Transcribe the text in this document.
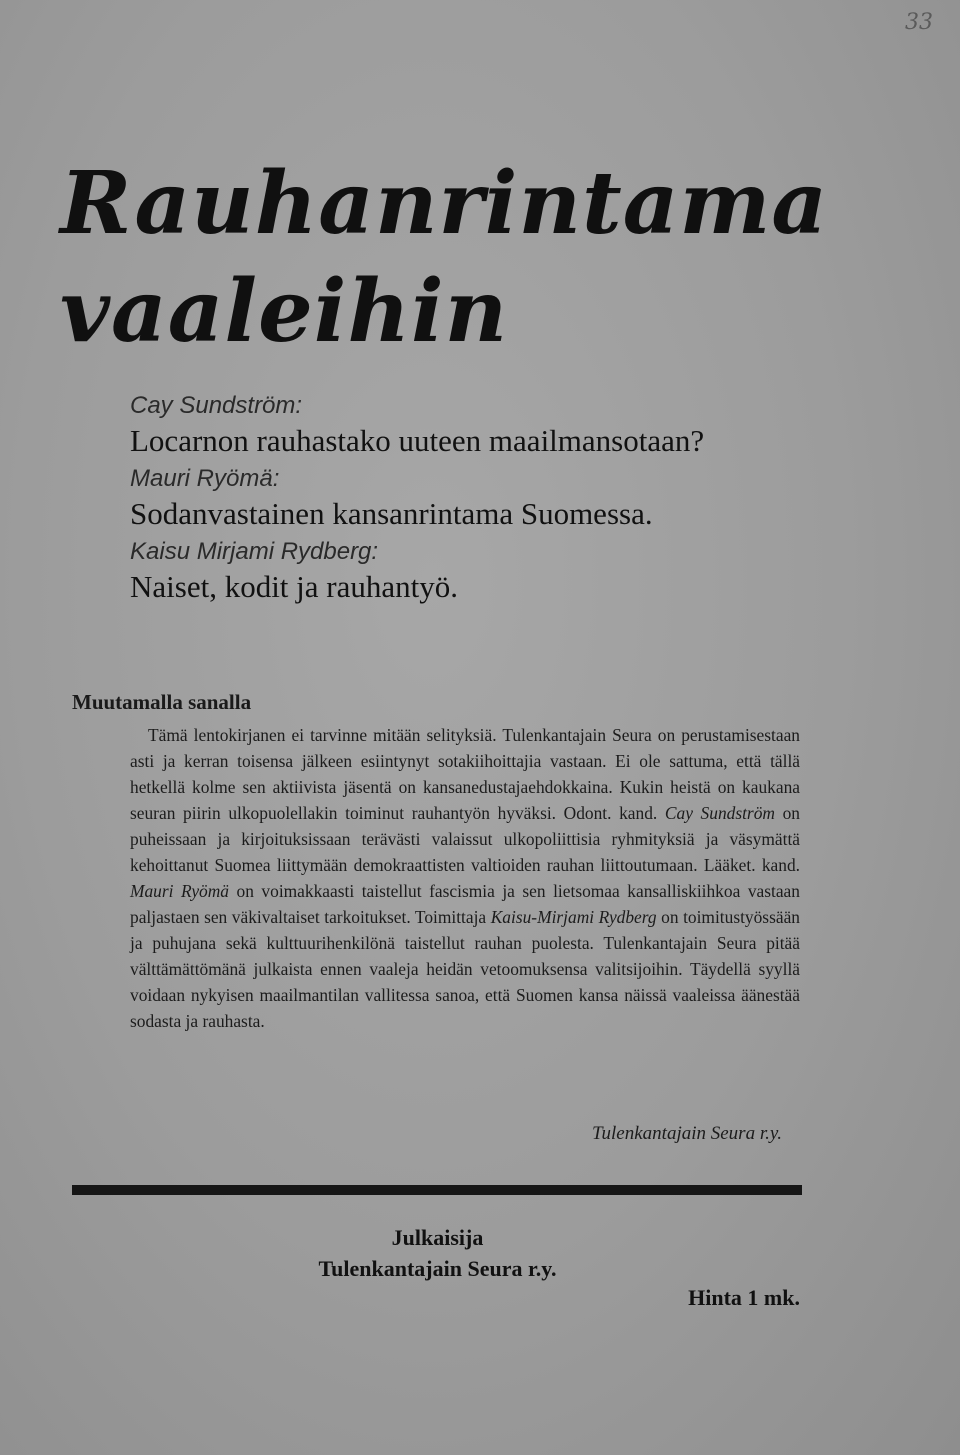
33
Rauhanrintama
vaaleihin

Cay Sundström:
Locarnon rauhastako uuteen maailmansotaan?

Mauri Ryömä:
Sodanvastainen kansanrintama Suomessa.

Kaisu Mirjami Rydberg:
Naiset, kodit ja rauhantyö.

Muutamalla sanalla

Tämä lentokirjanen ei tarvinne mitään selityksiä. Tulenkantajain Seura on perustamisestaan asti ja kerran toisensa jälkeen esiintynyt sotakiihoittajia vastaan. Ei ole sattuma, että tällä hetkellä kolme sen aktiivista jäsentä on kansanedustajaehdokkaina. Kukin heistä on kaukana seuran piirin ulkopuolellakin toiminut rauhantyön hyväksi. Odont. kand. Cay Sundström on puheissaan ja kirjoituksissaan terävästi valaissut ulkopoliittisia ryhmityksiä ja väsymättä kehoittanut Suomea liittymään demokraattisten valtioiden rauhan liittoutumaan. Lääket. kand. Mauri Ryömä on voimakkaasti taistellut fascismia ja sen lietsomaa kansalliskiihkoa vastaan paljastaen sen väkivaltaiset tarkoitukset. Toimittaja Kaisu-Mirjami Rydberg on toimitustyössään ja puhujana sekä kulttuurihenkilönä taistellut rauhan puolesta. Tulenkantajain Seura pitää välttämättömänä julkaista ennen vaaleja heidän vetoomuksensa valitsijoihin. Täydellä syyllä voidaan nykyisen maailmantilan vallitessa sanoa, että Suomen kansa näissä vaaleissa äänestää sodasta ja rauhasta.

Tulenkantajain Seura r.y.
Julkaisija
Tulenkantajain Seura r.y.
Hinta 1 mk.
